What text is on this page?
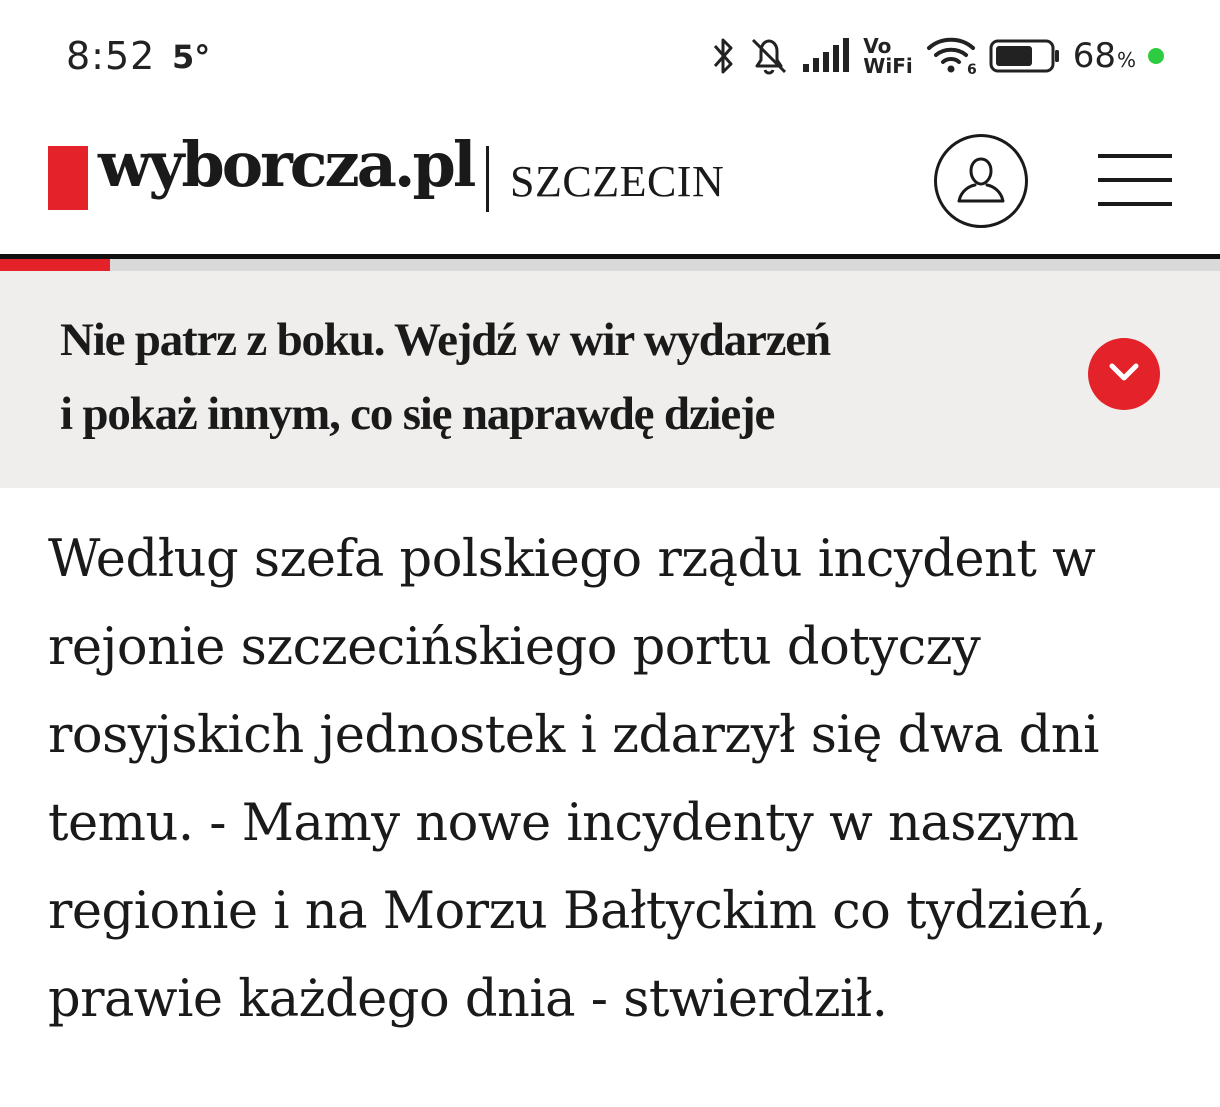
8:52 5°	Vo
WiFi	6	68 %
wyborcza.pl SZCZECIN
Nie patrz z boku. Wejdź w wir wydarzeń
i pokaż innym, co się naprawdę dzieje
Według szefa polskiego rządu incydent w
rejonie szczecińskiego portu dotyczy
rosyjskich jednostek i zdarzył się dwa dni
temu. - Mamy nowe incydenty w naszym
regionie i na Morzu Bałtyckim co tydzień,
prawie każdego dnia - stwierdził.
